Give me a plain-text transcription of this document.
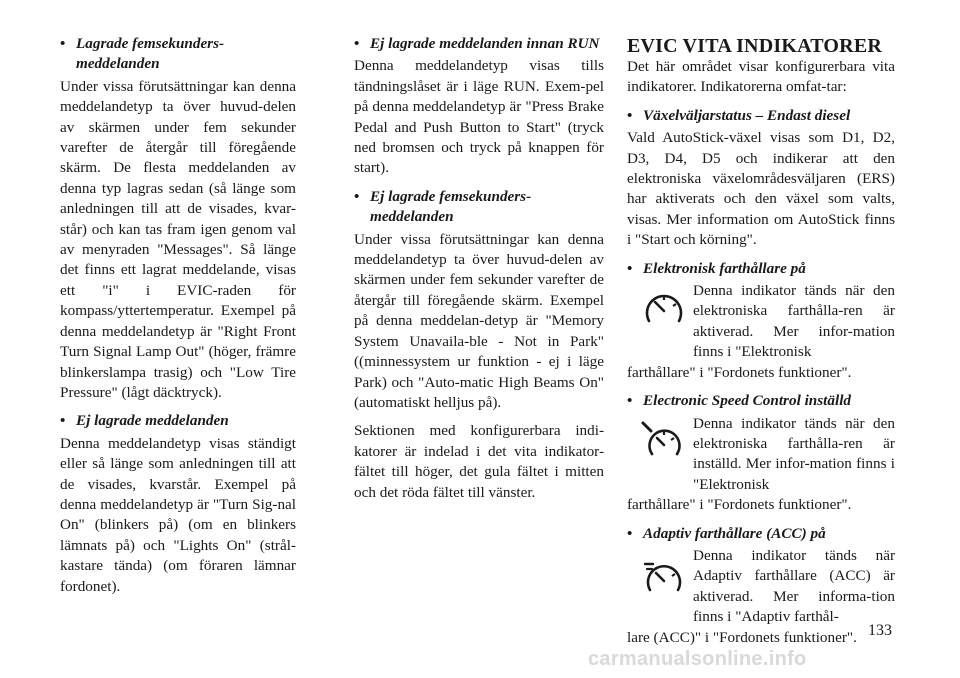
• Lagrade femsekunders-meddelanden
Under vissa förutsättningar kan denna meddelandetyp ta över huvud-delen av skärmen under fem sekunder varefter de återgår till föregående skärm. De flesta meddelanden av denna typ lagras sedan (så länge som anledningen till att de visades, kvar-står) och kan tas fram igen genom val av menyraden "Messages". Så länge det finns ett lagrat meddelande, visas ett "i" i EVIC-raden för kompass/yttertemperatur. Exempel på denna meddelandetyp är "Right Front Turn Signal Lamp Out" (höger, främre blinkerslampa trasig) och "Low Tire Pressure" (lågt däcktryck).
• Ej lagrade meddelanden
Denna meddelandetyp visas ständigt eller så länge som anledningen till att de visades, kvarstår. Exempel på denna meddelandetyp är "Turn Sig-nal On" (blinkers på) (om en blinkers lämnats på) och "Lights On" (strål-kastare tända) (om föraren lämnar fordonet).
• Ej lagrade meddelanden innan RUN
Denna meddelandetyp visas tills tändningslåset är i läge RUN. Exem-pel på denna meddelandetyp är "Press Brake Pedal and Push Button to Start" (tryck ned bromsen och tryck på knappen för start).
• Ej lagrade femsekunders-meddelanden
Under vissa förutsättningar kan denna meddelandetyp ta över huvud-delen av skärmen under fem sekunder varefter de återgår till föregående skärm. Exempel på denna meddelan-detyp är "Memory System Unavaila-ble - Not in Park" ((minnessystem ur funktion - ej i läge Park) och "Auto-matic High Beams On" (automatiskt helljus på).
Sektionen med konfigurerbara indi-katorer är indelad i det vita indikator-fältet till höger, det gula fältet i mitten och det röda fältet till vänster.
EVIC VITA INDIKATORER
Det här området visar konfigurerbara vita indikatorer. Indikatorerna omfat-tar:
• Växelväljarstatus – Endast diesel
Vald AutoStick-växel visas som D1, D2, D3, D4, D5 och indikerar att den elektroniska växelområdesväljaren (ERS) har aktiverats och den växel som valts, visas. Mer information om AutoStick finns i "Start och körning".
• Elektronisk farthållare på
Denna indikator tänds när den elektroniska farthålla-ren är aktiverad. Mer infor-mation finns i "Elektronisk
farthållare" i "Fordonets funktioner".
• Electronic Speed Control inställd
Denna indikator tänds när den elektroniska farthålla-ren är inställd. Mer infor-mation finns i "Elektronisk
farthållare" i "Fordonets funktioner".
• Adaptiv farthållare (ACC) på
Denna indikator tänds när Adaptiv farthållare (ACC) är aktiverad. Mer informa-tion finns i "Adaptiv farthål-
lare (ACC)" i "Fordonets funktioner". 133
carmanualsonline.info
